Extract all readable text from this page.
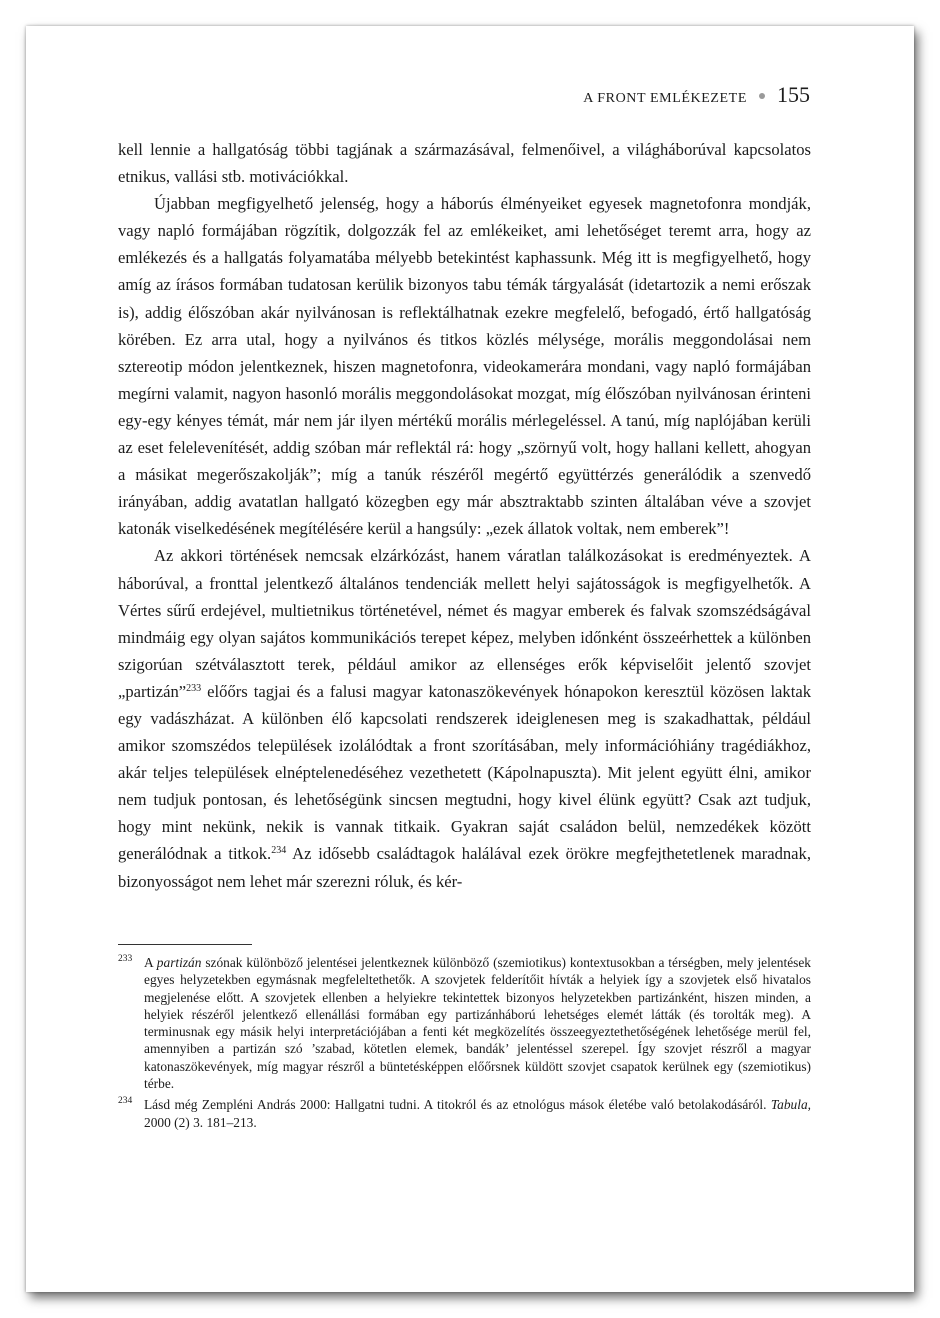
A FRONT EMLÉKEZETE 155

kell lennie a hallgatóság többi tagjának a származásával, felmenőivel, a világháborúval kapcsolatos etnikus, vallási stb. motivációkkal.

Újabban megfigyelhető jelenség, hogy a háborús élményeiket egyesek magnetofonra mondják, vagy napló formájában rögzítik, dolgozzák fel az emlékeiket, ami lehetőséget teremt arra, hogy az emlékezés és a hallgatás folyamatába mélyebb betekintést kaphassunk. Még itt is megfigyelhető, hogy amíg az írásos formában tudatosan kerülik bizonyos tabu témák tárgyalását (idetartozik a nemi erőszak is), addig élőszóban akár nyilvánosan is reflektálhatnak ezekre megfelelő, befogadó, értő hallgatóság körében. Ez arra utal, hogy a nyilvános és titkos közlés mélysége, morális meggondolásai nem sztereotip módon jelentkeznek, hiszen magnetofonra, videokamerára mondani, vagy napló formájában megírni valamit, nagyon hasonló morális meggondolásokat mozgat, míg élőszóban nyilvánosan érinteni egy-egy kényes témát, már nem jár ilyen mértékű morális mérlegeléssel. A tanú, míg naplójában kerüli az eset felelevenítését, addig szóban már reflektál rá: hogy „szörnyű volt, hogy hallani kellett, ahogyan a másikat megerőszakolják”; míg a tanúk részéről megértő együttérzés generálódik a szenvedő irányában, addig avatatlan hallgató közegben egy már absztraktabb szinten általában véve a szovjet katonák viselkedésének megítélésére kerül a hangsúly: „ezek állatok voltak, nem emberek”!

Az akkori történések nemcsak elzárkózást, hanem váratlan találkozásokat is eredményeztek. A háborúval, a fronttal jelentkező általános tendenciák mellett helyi sajátosságok is megfigyelhetők. A Vértes sűrű erdejével, multietnikus történetével, német és magyar emberek és falvak szomszédságával mindmáig egy olyan sajátos kommunikációs terepet képez, melyben időnként összeérhettek a különben szigorúan szétválasztott terek, például amikor az ellenséges erők képviselőit jelentő szovjet „partizán”$^{233}$ előőrs tagjai és a falusi magyar katonaszökevények hónapokon keresztül közösen laktak egy vadászházat. A különben élő kapcsolati rendszerek ideiglenesen meg is szakadhattak, például amikor szomszédos települések izolálódtak a front szorításában, mely információhiány tragédiákhoz, akár teljes települések elnéptelenedéséhez vezethetett (Kápolnapuszta). Mit jelent együtt élni, amikor nem tudjuk pontosan, és lehetőségünk sincsen megtudni, hogy kivel élünk együtt? Csak azt tudjuk, hogy mint nekünk, nekik is vannak titkaik. Gyakran saját családon belül, nemzedékek között generálódnak a titkok.$^{234}$ Az idősebb családtagok halálával ezek örökre megfejthetetlenek maradnak, bizonyosságot nem lehet már szerezni róluk, és kér-

233 A partizán szónak különböző jelentései jelentkeznek különböző (szemiotikus) kontextusokban a térségben, mely jelentések egyes helyzetekben egymásnak megfeleltethetők. A szovjetek felderítőit hívták a helyiek így a szovjetek első hivatalos megjelenése előtt. A szovjetek ellenben a helyiekre tekintettek bizonyos helyzetekben partizánként, hiszen minden, a helyiek részéről jelentkező ellenállási formában egy partizánháború lehetséges elemét látták (és torolták meg). A terminusnak egy másik helyi interpretációjában a fenti két megközelítés összeegyeztethetőségének lehetősége merül fel, amennyiben a partizán szó ’szabad, kötetlen elemek, bandák’ jelentéssel szerepel. Így szovjet részről a magyar katonaszökevények, míg magyar részről a büntetésképpen előőrsnek küldött szovjet csapatok kerülnek egy (szemiotikus) térbe.
234 Lásd még Zempléni András 2000: Hallgatni tudni. A titokról és az etnológus mások életébe való betolakodásáról. Tabula, 2000 (2) 3. 181–213.
